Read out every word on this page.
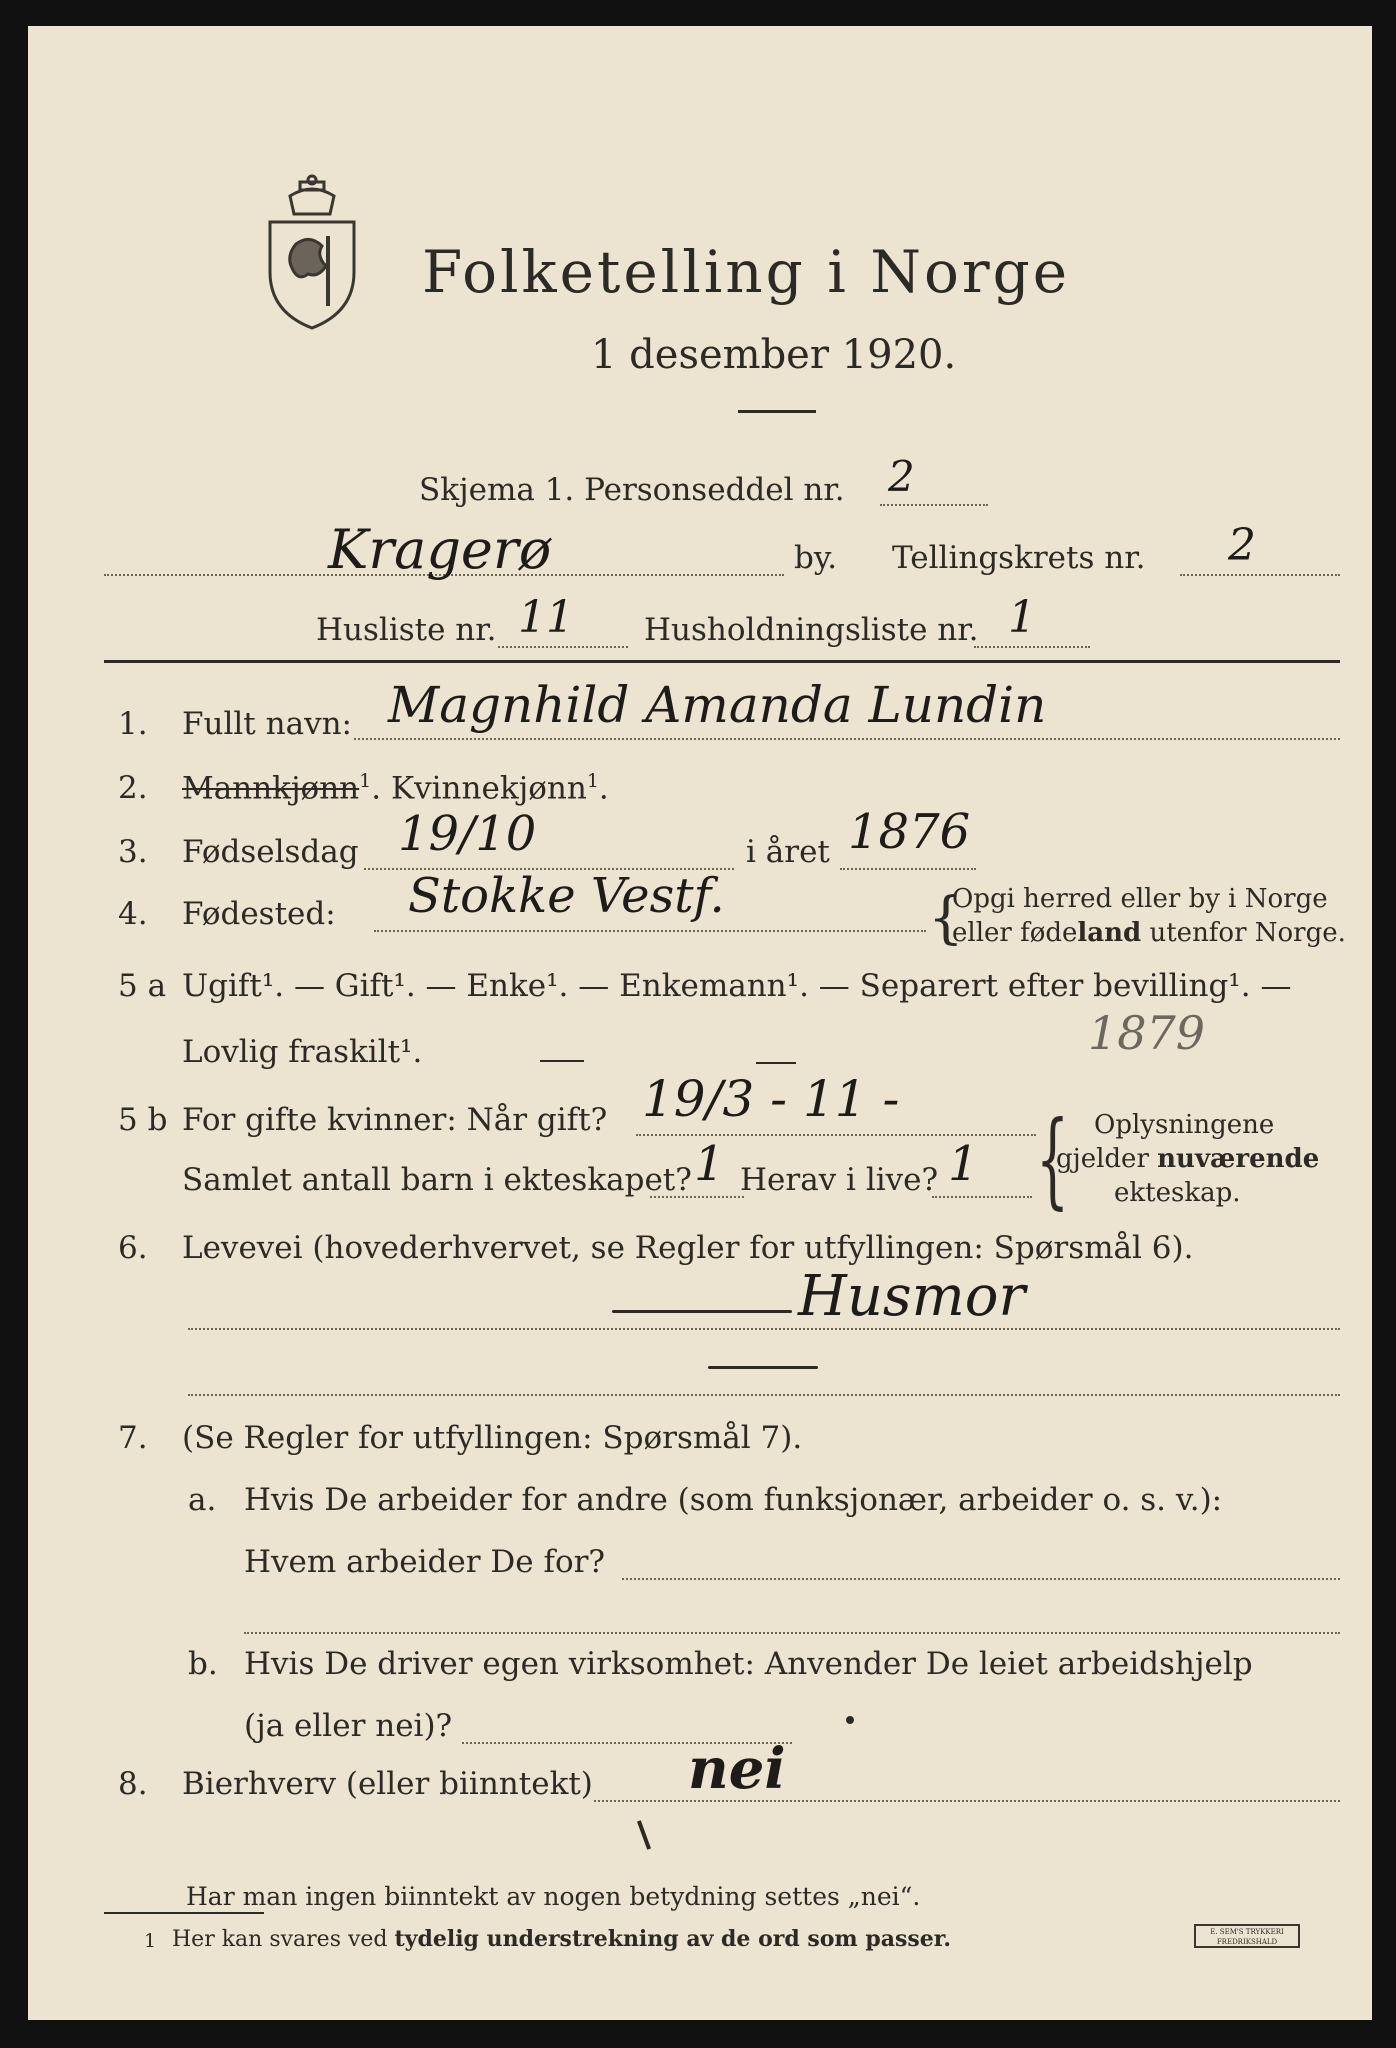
Folketelling i Norge
1 desember 1920.
Skjema 1. Personseddel nr. 2
Kragerø	by. Tellingskrets nr. 2
Husliste nr. 11 Husholdningsliste nr. 1
1. Fullt navn: Magnhild Amanda Lundin
2. Mannkjønn$^1$. Kvinnekjønn$^1$.
3. Fødselsdag 19/10	i året 1876
4. Fødested: Stokke Vestf.	{
Opgi herred eller by i Norge
eller fødeland utenfor Norge.
5 a Ugift¹. — Gift¹. — Enke¹. — Enkemann¹. — Separert efter bevilling¹. —
Lovlig fraskilt¹.	1879
5 b For gifte kvinner: Når gift? 19/3 - 11 -
Samlet antall barn i ekteskapet? 1 Herav i live? 1 { Oplysningene
gjelder nuværende
ekteskap.
6. Levevei (hovederhvervet, se Regler for utfyllingen: Spørsmål 6).
Husmor
7. (Se Regler for utfyllingen: Spørsmål 7).
a. Hvis De arbeider for andre (som funksjonær, arbeider o. s. v.):
Hvem arbeider De for?
b. Hvis De driver egen virksomhet: Anvender De leiet arbeidshjelp
(ja eller nei)?
8. Bierhverv (eller biinntekt) nei
Har man ingen biinntekt av nogen betydning settes „nei“.
1 Her kan svares ved tydelig understrekning av de ord som passer.	E. SEM'S TRYKKERI FREDRIKSHALD
